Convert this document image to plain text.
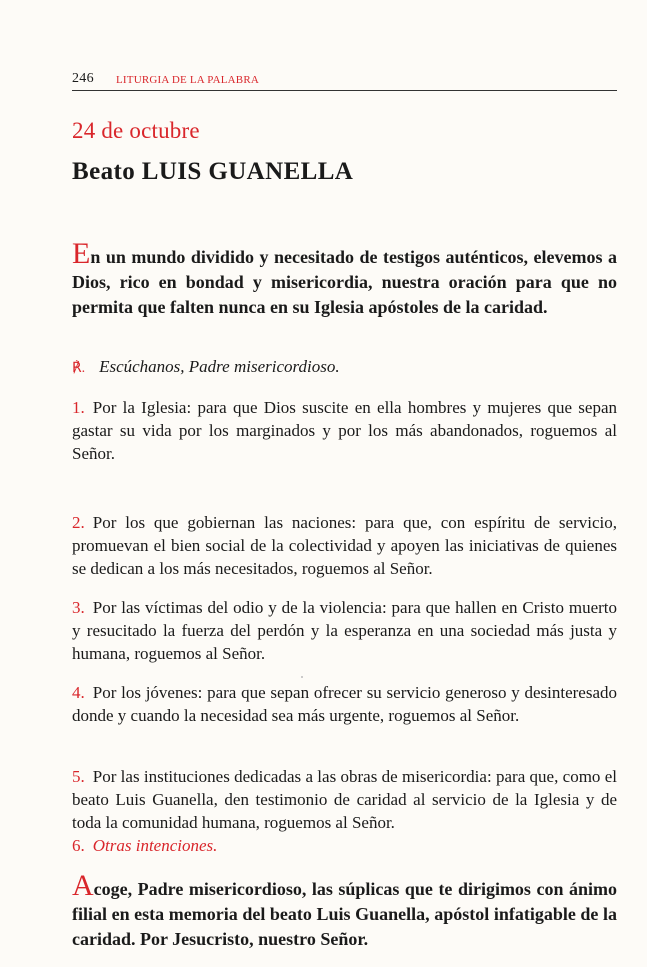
246 LITURGIA DE LA PALABRA
24 de octubre
Beato LUIS GUANELLA
En un mundo dividido y necesitado de testigos auténticos, elevemos a Dios, rico en bondad y misericordia, nuestra oración para que no permita que falten nunca en su Iglesia apóstoles de la caridad.
℟. Escúchanos, Padre misericordioso.
1. Por la Iglesia: para que Dios suscite en ella hombres y mujeres que sepan gastar su vida por los marginados y por los más abandonados, roguemos al Señor.
2. Por los que gobiernan las naciones: para que, con espíritu de servicio, promuevan el bien social de la colectividad y apoyen las iniciativas de quienes se dedican a los más necesitados, roguemos al Señor.
3. Por las víctimas del odio y de la violencia: para que hallen en Cristo muerto y resucitado la fuerza del perdón y la esperanza en una sociedad más justa y humana, roguemos al Señor.
4. Por los jóvenes: para que sepan ofrecer su servicio generoso y desinteresado donde y cuando la necesidad sea más urgente, roguemos al Señor.
5. Por las instituciones dedicadas a las obras de misericordia: para que, como el beato Luis Guanella, den testimonio de caridad al servicio de la Iglesia y de toda la comunidad humana, roguemos al Señor.
6. Otras intenciones.
Acoge, Padre misericordioso, las súplicas que te dirigimos con ánimo filial en esta memoria del beato Luis Guanella, apóstol infatigable de la caridad. Por Jesucristo, nuestro Señor.
